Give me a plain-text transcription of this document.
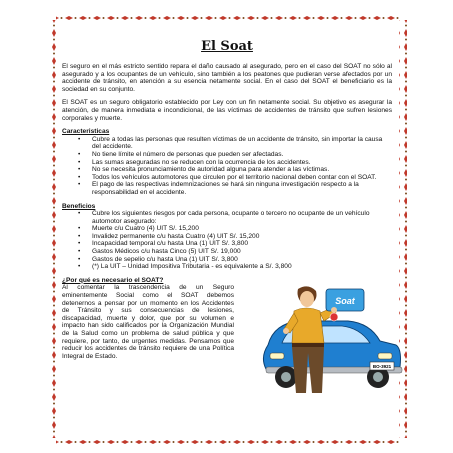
El Soat

El seguro en el más estricto sentido repara el daño causado al asegurado, pero en el caso del SOAT no sólo al asegurado y a los ocupantes de un vehículo, sino también a los peatones que pudieran verse afectados por un accidente de tránsito, en atención a su esencia netamente social. En el caso del SOAT el beneficiario es la sociedad en su conjunto.

El SOAT es un seguro obligatorio establecido por Ley con un fin netamente social. Su objetivo es asegurar la atención, de manera inmediata e incondicional, de las víctimas de accidentes de tránsito que sufren lesiones corporales y muerte.

Caracteristicas
• Cubre a todas las personas que resulten víctimas de un accidente de tránsito, sin importar la causa del accidente.
• No tiene límite el número de personas que pueden ser afectadas.
• Las sumas aseguradas no se reducen con la ocurrencia de los accidentes.
• No se necesita pronunciamiento de autoridad alguna para atender a las víctimas.
• Todos los vehículos automotores que circulen por el territorio nacional deben contar con el SOAT.
• El pago de las respectivas indemnizaciones se hará sin ninguna investigación respecto a la responsabilidad en el accidente.
Beneficios
• Cubre los siguientes riesgos por cada persona, ocupante o tercero no ocupante de un vehículo automotor asegurado:
• Muerte c/u Cuatro (4) UIT S/. 15,200
• Invalidez permanente c/u hasta Cuatro (4) UIT S/. 15,200
• Incapacidad temporal c/u hasta Una (1) UIT S/. 3,800
• Gastos Médicos c/u hasta Cinco (5) UIT S/. 19,000
• Gastos de sepelio c/u hasta Una (1) UIT S/. 3,800
• (*) La UIT – Unidad Impositiva Tributaria - es equivalente a S/. 3,800
¿Por qué es necesario el SOAT?
Al comentar la trascendencia de un Seguro eminentemente Social como el SOAT debemos detenernos a pensar por un momento en los Accidentes de Tránsito y sus consecuencias de lesiones, discapacidad, muerte y dolor, que por su volumen e impacto han sido calificados por la Organización Mundial de la Salud como un problema de salud pública y que requiere, por tanto, de urgentes medidas. Pensamos que reducir los accidentes de tránsito requiere de una Política Integral de Estado.
BO-3921
Soat
